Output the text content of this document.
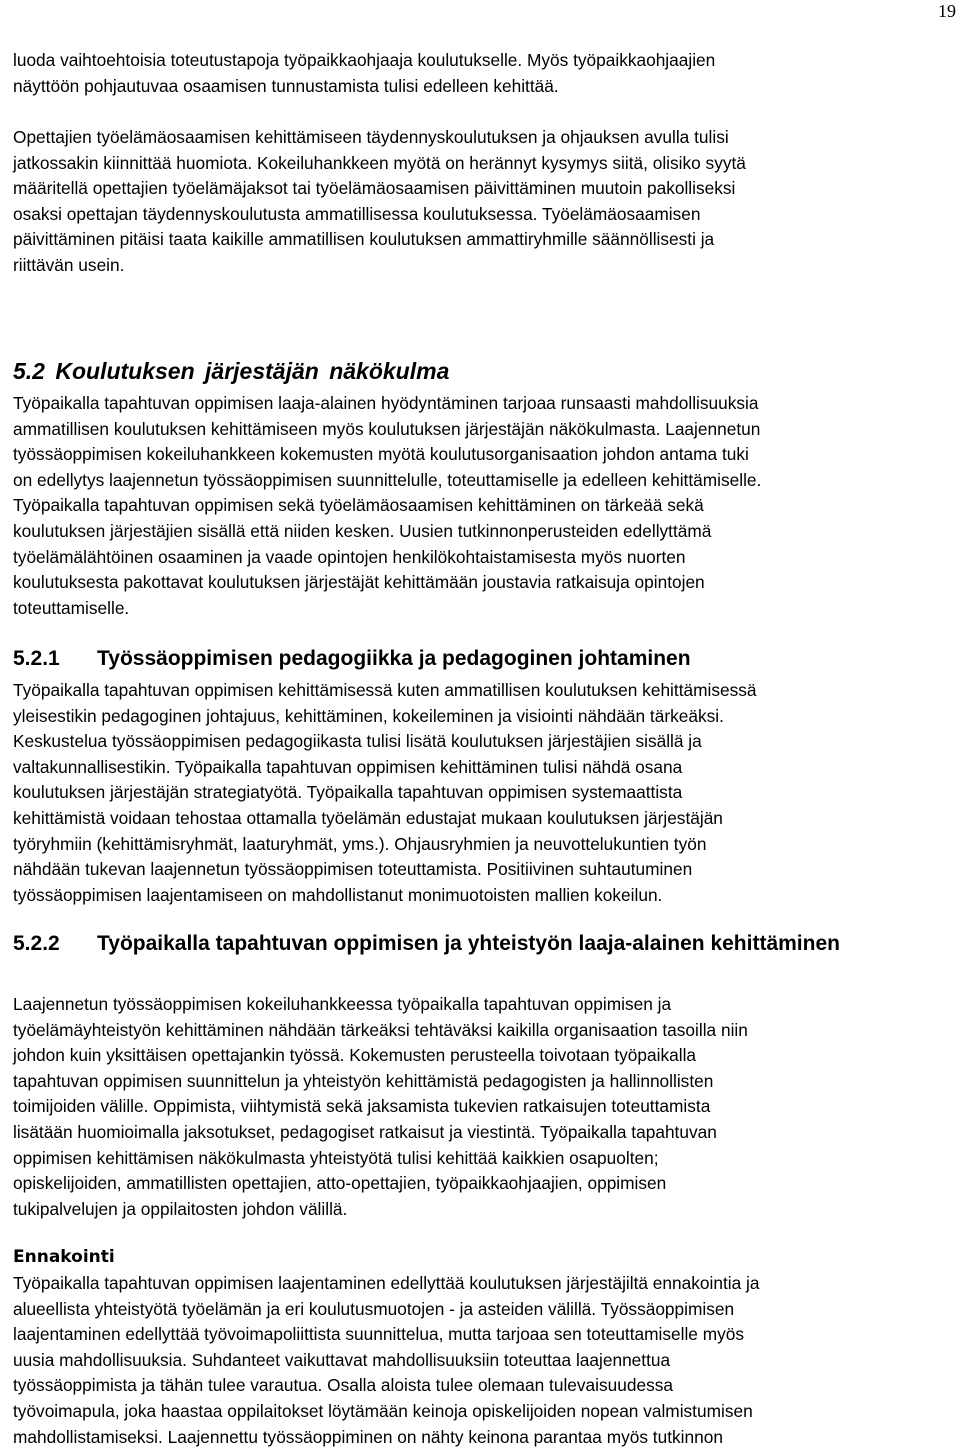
19

luoda vaihtoehtoisia toteutustapoja työpaikkaohjaaja koulutukselle. Myös työpaikkaohjaajien
näyttöön pohjautuvaa osaamisen tunnustamista tulisi edelleen kehittää.

Opettajien työelämäosaamisen kehittämiseen täydennyskoulutuksen ja ohjauksen avulla tulisi
jatkossakin kiinnittää huomiota. Kokeiluhankkeen myötä on herännyt kysymys siitä, olisiko syytä
määritellä opettajien työelämäjaksot tai työelämäosaamisen päivittäminen muutoin pakolliseksi
osaksi opettajan täydennyskoulutusta ammatillisessa koulutuksessa. Työelämäosaamisen
päivittäminen pitäisi taata kaikille ammatillisen koulutuksen ammattiryhmille säännöllisesti ja
riittävän usein.

5.2 Koulutuksen järjestäjän näkökulma

Työpaikalla tapahtuvan oppimisen laaja-alainen hyödyntäminen tarjoaa runsaasti mahdollisuuksia
ammatillisen koulutuksen kehittämiseen myös koulutuksen järjestäjän näkökulmasta. Laajennetun
työssäoppimisen kokeiluhankkeen kokemusten myötä koulutusorganisaation johdon antama tuki
on edellytys laajennetun työssäoppimisen suunnittelulle, toteuttamiselle ja edelleen kehittämiselle.
Työpaikalla tapahtuvan oppimisen sekä työelämäosaamisen kehittäminen on tärkeää sekä
koulutuksen järjestäjien sisällä että niiden kesken. Uusien tutkinnonperusteiden edellyttämä
työelämälähtöinen osaaminen ja vaade opintojen henkilökohtaistamisesta myös nuorten
koulutuksesta pakottavat koulutuksen järjestäjät kehittämään joustavia ratkaisuja opintojen
toteuttamiselle.

5.2.1	Työssäoppimisen pedagogiikka ja pedagoginen johtaminen

Työpaikalla tapahtuvan oppimisen kehittämisessä kuten ammatillisen koulutuksen kehittämisessä
yleisestikin pedagoginen johtajuus, kehittäminen, kokeileminen ja visiointi nähdään tärkeäksi.
Keskustelua työssäoppimisen pedagogiikasta tulisi lisätä koulutuksen järjestäjien sisällä ja
valtakunnallisestikin. Työpaikalla tapahtuvan oppimisen kehittäminen tulisi nähdä osana
koulutuksen järjestäjän strategiatyötä. Työpaikalla tapahtuvan oppimisen systemaattista
kehittämistä voidaan tehostaa ottamalla työelämän edustajat mukaan koulutuksen järjestäjän
työryhmiin (kehittämisryhmät, laaturyhmät, yms.). Ohjausryhmien ja neuvottelukuntien työn
nähdään tukevan laajennetun työssäoppimisen toteuttamista. Positiivinen suhtautuminen
työssäoppimisen laajentamiseen on mahdollistanut monimuotoisten mallien kokeilun.

5.2.2	Työpaikalla tapahtuvan oppimisen ja yhteistyön laaja-alainen kehittäminen

Laajennetun työssäoppimisen kokeiluhankkeessa työpaikalla tapahtuvan oppimisen ja
työelämäyhteistyön kehittäminen nähdään tärkeäksi tehtäväksi kaikilla organisaation tasoilla niin
johdon kuin yksittäisen opettajankin työssä. Kokemusten perusteella toivotaan työpaikalla
tapahtuvan oppimisen suunnittelun ja yhteistyön kehittämistä pedagogisten ja hallinnollisten
toimijoiden välille. Oppimista, viihtymistä sekä jaksamista tukevien ratkaisujen toteuttamista
lisätään huomioimalla jaksotukset, pedagogiset ratkaisut ja viestintä. Työpaikalla tapahtuvan
oppimisen kehittämisen näkökulmasta yhteistyötä tulisi kehittää kaikkien osapuolten;
opiskelijoiden, ammatillisten opettajien, atto-opettajien, työpaikkaohjaajien, oppimisen
tukipalvelujen ja oppilaitosten johdon välillä.

Ennakointi

Työpaikalla tapahtuvan oppimisen laajentaminen edellyttää koulutuksen järjestäjiltä ennakointia ja
alueellista yhteistyötä työelämän ja eri koulutusmuotojen - ja asteiden välillä. Työssäoppimisen
laajentaminen edellyttää työvoimapoliittista suunnittelua, mutta tarjoaa sen toteuttamiselle myös
uusia mahdollisuuksia. Suhdanteet vaikuttavat mahdollisuuksiin toteuttaa laajennettua
työssäoppimista ja tähän tulee varautua. Osalla aloista tulee olemaan tulevaisuudessa
työvoimapula, joka haastaa oppilaitokset löytämään keinoja opiskelijoiden nopean valmistumisen
mahdollistamiseksi. Laajennettu työssäoppiminen on nähty keinona parantaa myös tutkinnon
